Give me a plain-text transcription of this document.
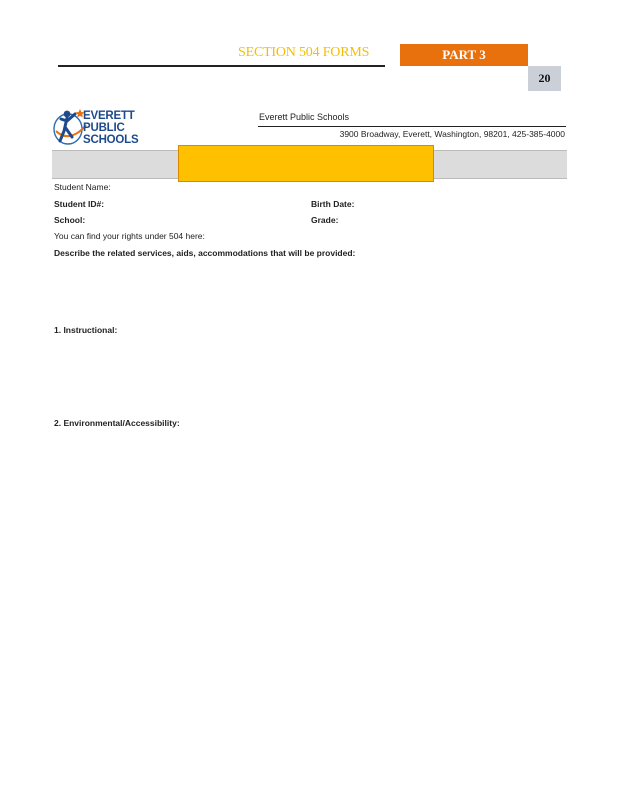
SECTION 504 FORMS	PART 3
20
EVERETT
PUBLIC
SCHOOLS
Everett Public Schools
3900 Broadway, Everett, Washington, 98201, 425-385-4000
Student Name:
Student ID#:	Birth Date:
School:	Grade:
You can find your rights under 504 here:
Describe the related services, aids, accommodations that will be provided:
1. Instructional:
2. Environmental/Accessibility:
